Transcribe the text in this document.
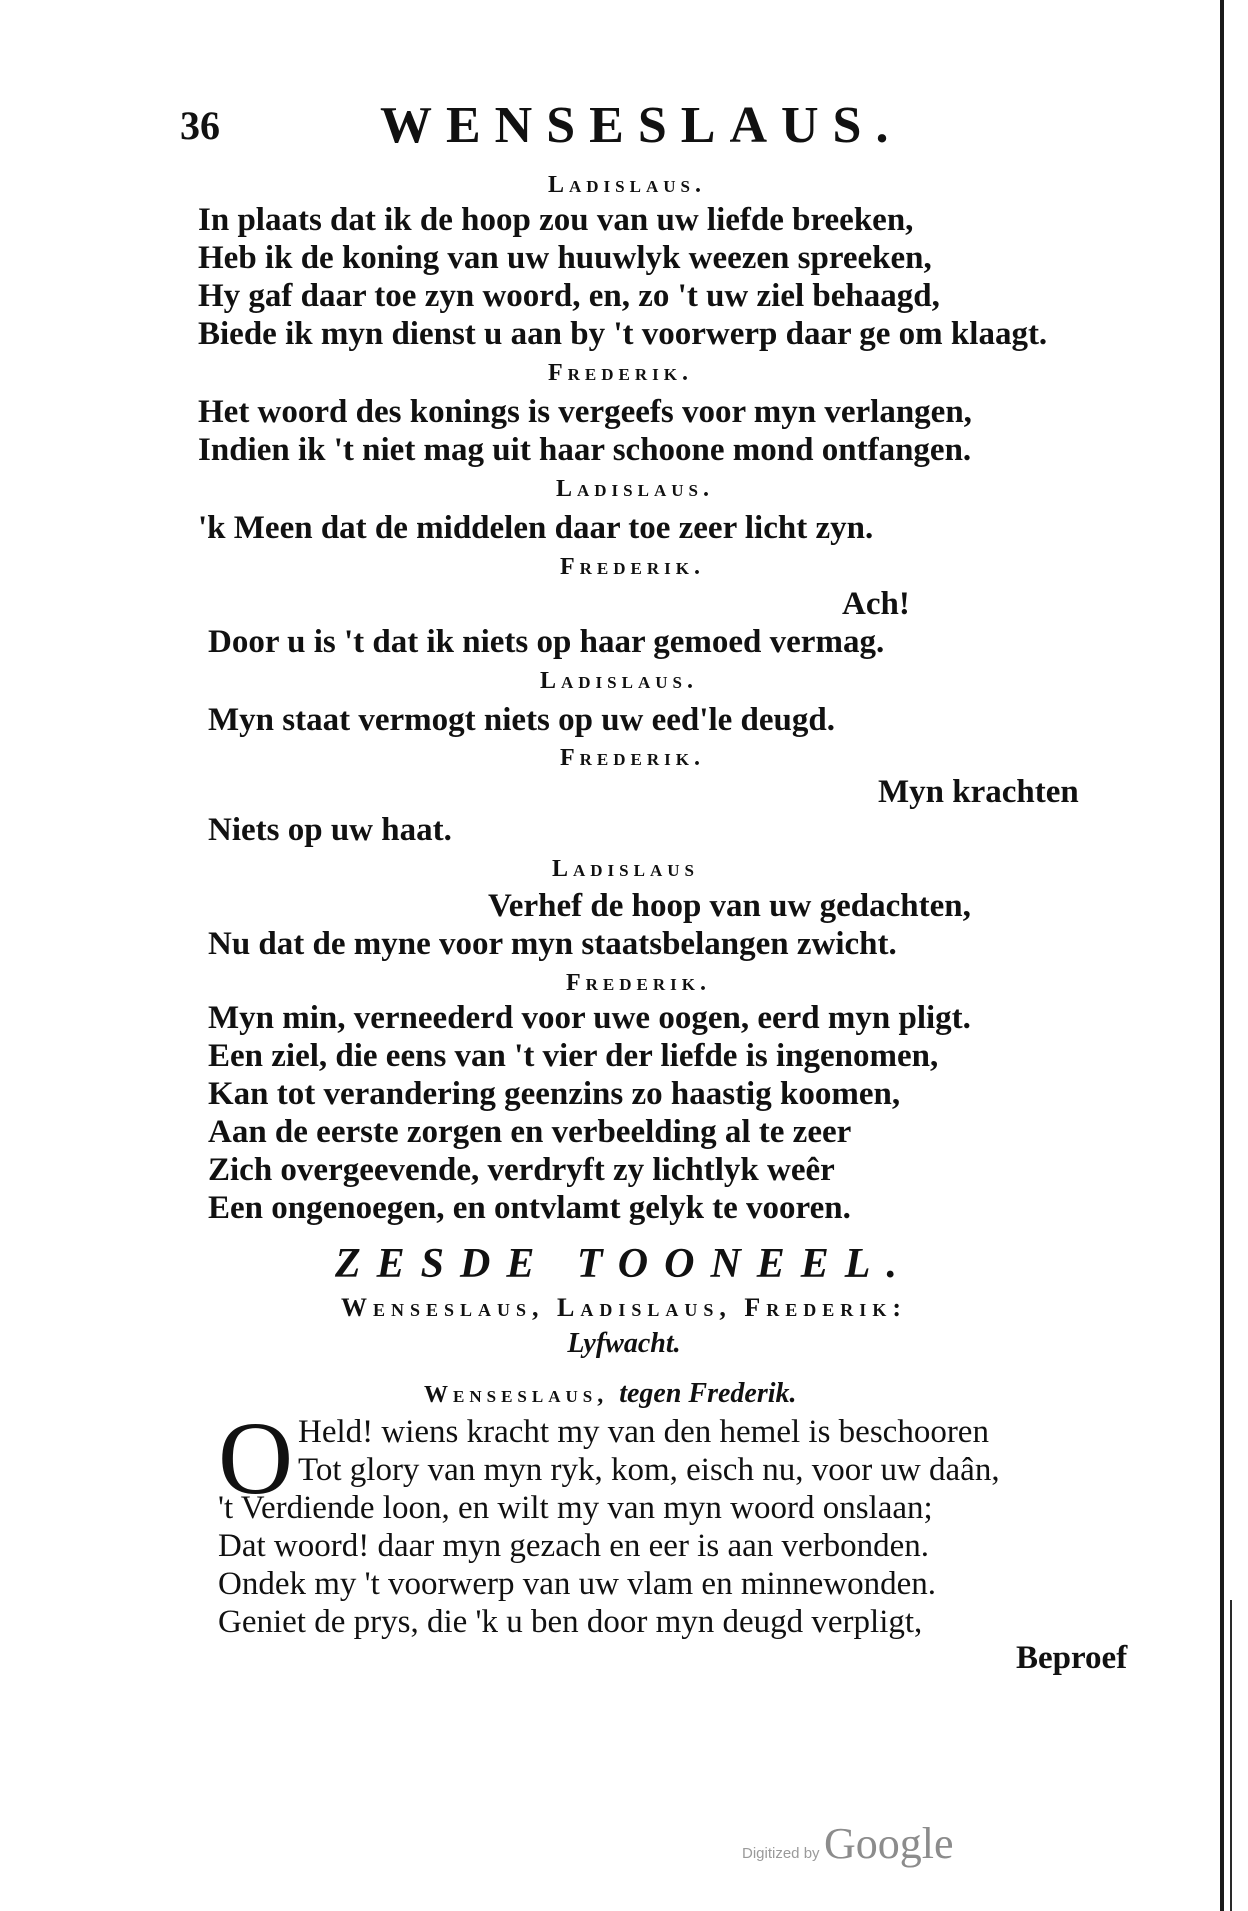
36	WENSESLAUS.
Ladislaus.
In plaats dat ik de hoop zou van uw liefde breeken,
Heb ik de koning van uw huuwlyk weezen spreeken,
Hy gaf daar toe zyn woord, en, zo 't uw ziel behaagd,
Biede ik myn dienst u aan by 't voorwerp daar ge om klaagt.
Frederik.
Het woord des konings is vergeefs voor myn verlangen,
Indien ik 't niet mag uit haar schoone mond ontfangen.
Ladislaus.
'k Meen dat de middelen daar toe zeer licht zyn.
Frederik.
Ach!
Door u is 't dat ik niets op haar gemoed vermag.
Ladislaus.
Myn staat vermogt niets op uw eed'le deugd.
Frederik.
Myn krachten
Niets op uw haat.
Ladislaus
Verhef de hoop van uw gedachten,
Nu dat de myne voor myn staatsbelangen zwicht.
Frederik.
Myn min, verneederd voor uwe oogen, eerd myn pligt.
Een ziel, die eens van 't vier der liefde is ingenomen,
Kan tot verandering geenzins zo haastig koomen,
Aan de eerste zorgen en verbeelding al te zeer
Zich overgeevende, verdryft zy lichtlyk weêr
Een ongenoegen, en ontvlamt gelyk te vooren.
ZESDE TOONEEL.
Wenseslaus, Ladislaus, Frederik:
Lyfwacht.
Wenseslaus, tegen Frederik.
O Held! wiens kracht my van den hemel is beschooren
Tot glory van myn ryk, kom, eisch nu, voor uw daân,
't Verdiende loon, en wilt my van myn woord onslaan;
Dat woord! daar myn gezach en eer is aan verbonden.
Ondek my 't voorwerp van uw vlam en minnewonden.
Geniet de prys, die 'k u ben door myn deugd verpligt,
Beproef
Digitized by Google
